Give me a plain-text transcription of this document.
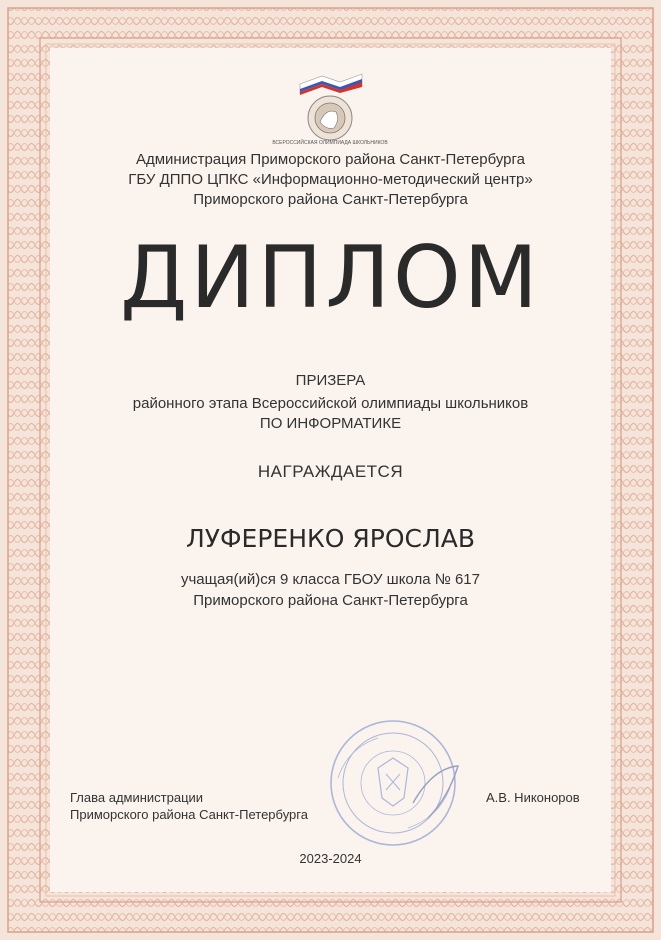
ВСЕРОССИЙСКАЯ ОЛИМПИАДА ШКОЛЬНИКОВ
Администрация Приморского района Санкт-Петербурга
ГБУ ДППО ЦПКС «Информационно-методический центр»
Приморского района Санкт-Петербурга
ДИПЛОМ
ПРИЗЕРА
районного этапа Всероссийской олимпиады школьников
ПО ИНФОРМАТИКЕ
НАГРАЖДАЕТСЯ
ЛУФЕРЕНКО ЯРОСЛАВ
учащая(ий)ся 9 класса ГБОУ школа № 617
Приморского района Санкт-Петербурга
Глава администрации
Приморского района Санкт-Петербурга
А.В. Никоноров
2023-2024
